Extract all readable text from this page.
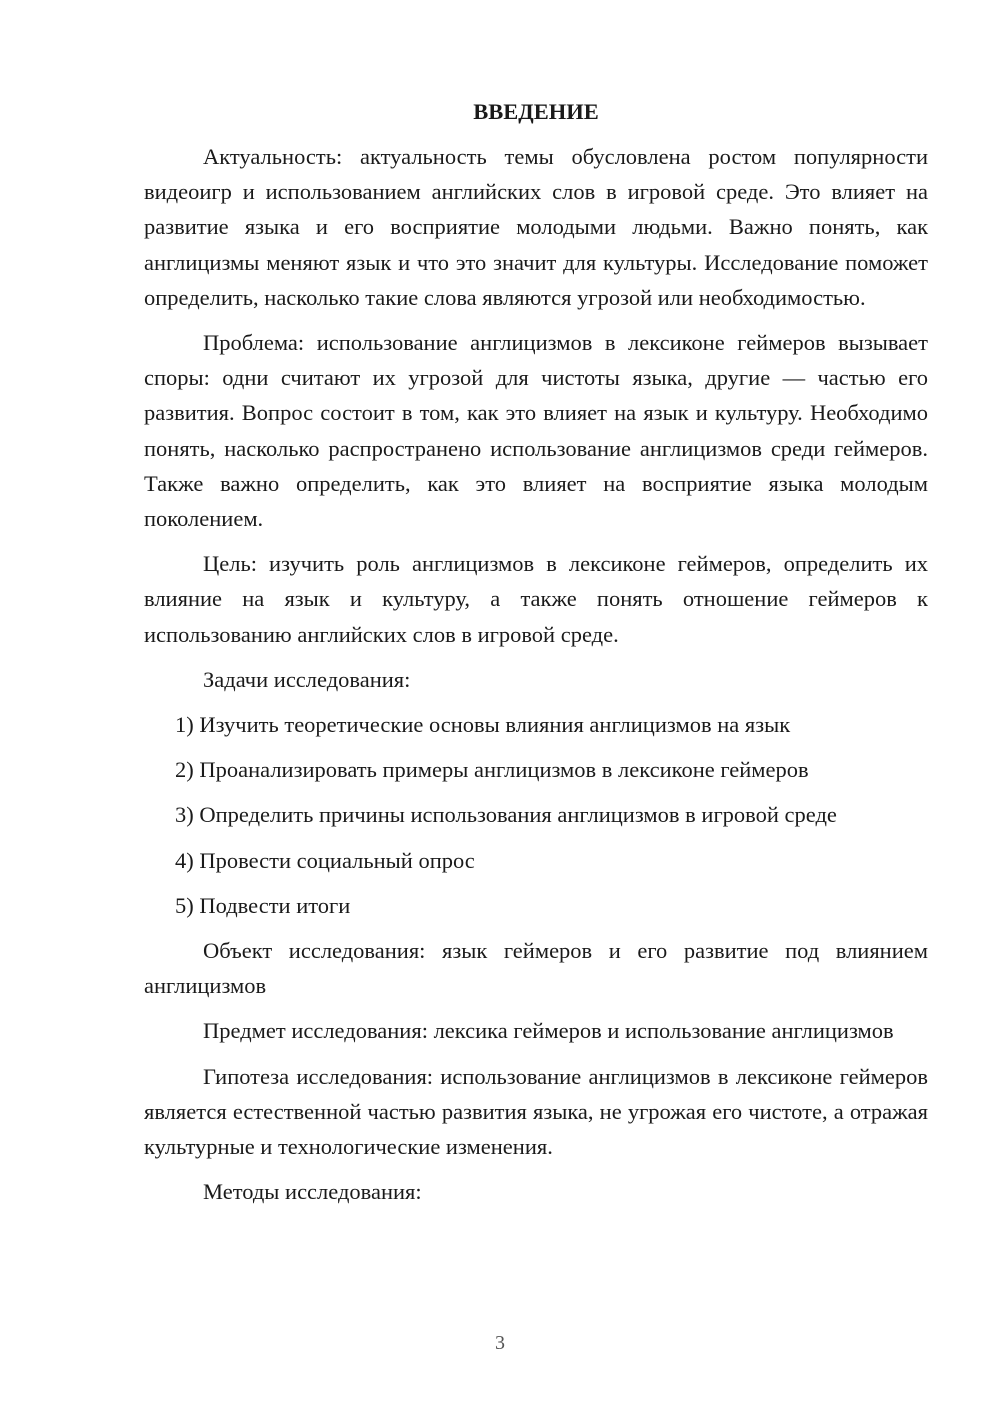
ВВЕДЕНИЕ

Актуальность: актуальность темы обусловлена ростом популярности видеоигр и использованием английских слов в игровой среде. Это влияет на развитие языка и его восприятие молодыми людьми. Важно понять, как англицизмы меняют язык и что это значит для культуры. Исследование поможет определить, насколько такие слова являются угрозой или необходимостью.

Проблема: использование англицизмов в лексиконе геймеров вызывает споры: одни считают их угрозой для чистоты языка, другие — частью его развития. Вопрос состоит в том, как это влияет на язык и культуру. Необходимо понять, насколько распространено использование англицизмов среди геймеров. Также важно определить, как это влияет на восприятие языка молодым поколением.

Цель: изучить роль англицизмов в лексиконе геймеров, определить их влияние на язык и культуру, а также понять отношение геймеров к использованию английских слов в игровой среде.

Задачи исследования:

1) Изучить теоретические основы влияния англицизмов на язык
2) Проанализировать примеры англицизмов в лексиконе геймеров
3) Определить причины использования англицизмов в игровой среде
4) Провести социальный опрос
5) Подвести итоги

Объект исследования: язык геймеров и его развитие под влиянием англицизмов

Предмет исследования: лексика геймеров и использование англицизмов

Гипотеза исследования: использование англицизмов в лексиконе геймеров является естественной частью развития языка, не угрожая его чистоте, а отражая культурные и технологические изменения.

Методы исследования:

3
